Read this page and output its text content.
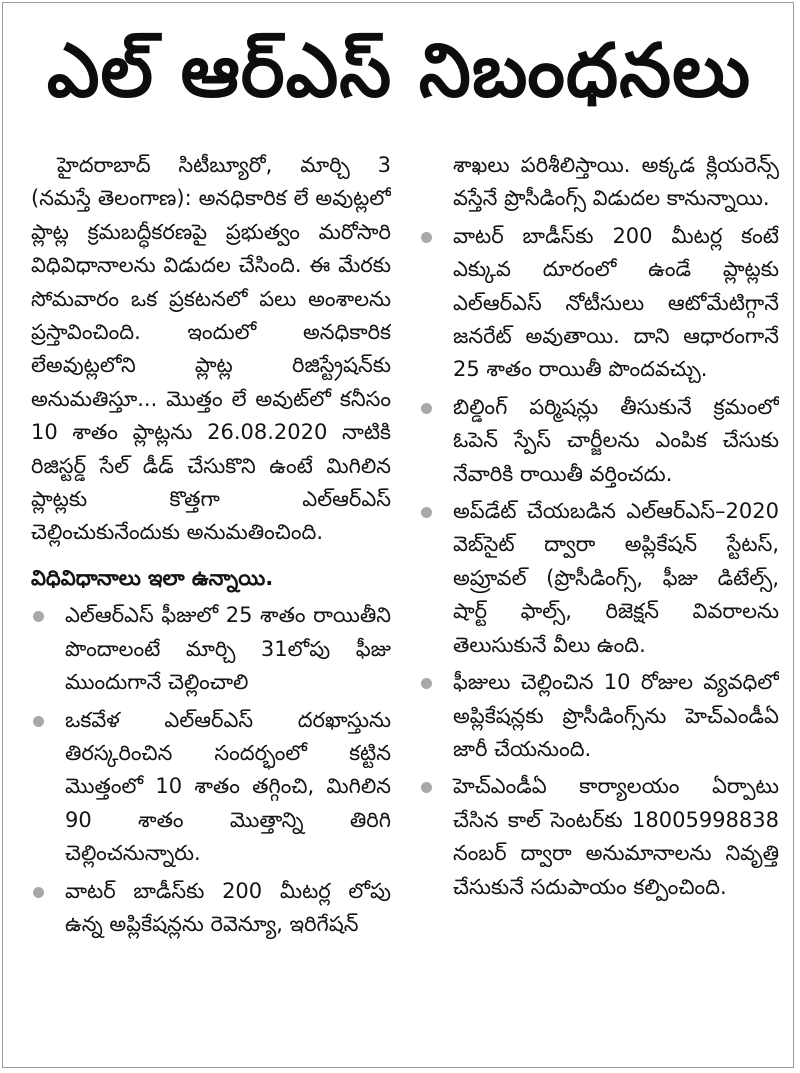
ఎల్ ఆర్ఎస్ నిబంధనలు

హైదరాబాద్ సిటీబ్యూరో, మార్చి 3 (నమస్తే తెలంగాణ): అనధికారిక లే అవుట్లలో ప్లాట్ల క్రమబద్ధీకరణపై ప్రభుత్వం మరోసారి విధివిధానాలను విడుదల చేసింది. ఈ మేరకు సోమవారం ఒక ప్రకటనలో పలు అంశాలను ప్రస్తావించింది. ఇందులో అనధికారిక లేఅవుట్లలోని ప్లాట్ల రిజిస్ట్రేషన్‌కు అనుమతిస్తూ... మొత్తం లే అవుట్‌లో కనీసం 10 శాతం ప్లాట్లను 26.08.2020 నాటికి రిజిస్టర్డ్ సేల్ డీడ్ చేసుకొని ఉంటే మిగిలిన ప్లాట్లకు కొత్తగా ఎల్ఆర్ఎస్ చెల్లించుకునేందుకు అనుమతించింది.

విధివిధానాలు ఇలా ఉన్నాయి.
ఎల్ఆర్ఎస్ ఫీజులో 25 శాతం రాయితీని పొందాలంటే మార్చి 31లోపు ఫీజు ముందుగానే చెల్లించాలి
ఒకవేళ ఎల్ఆర్ఎస్ దరఖాస్తును తిరస్కరించిన సందర్భంలో కట్టిన మొత్తంలో 10 శాతం తగ్గించి, మిగిలిన 90 శాతం మొత్తాన్ని తిరిగి చెల్లించనున్నారు.
వాటర్ బాడీస్‌కు 200 మీటర్ల లోపు ఉన్న అప్లికేషన్లను రెవెన్యూ, ఇరిగేషన్
శాఖలు పరిశీలిస్తాయి. అక్కడ క్లియరెన్స్ వస్తేనే ప్రొసీడింగ్స్ విడుదల కానున్నాయి.
వాటర్ బాడీస్‌కు 200 మీటర్ల కంటే ఎక్కువ దూరంలో ఉండే ప్లాట్లకు ఎల్ఆర్ఎస్ నోటీసులు ఆటోమేటిగ్గానే జనరేట్ అవుతాయి. దాని ఆధారంగానే 25 శాతం రాయితీ పొందవచ్చు.
బిల్డింగ్ పర్మిషన్లు తీసుకునే క్రమంలో ఓపెన్ స్పేస్ చార్జీలను ఎంపిక చేసుకు నేవారికి రాయితీ వర్తించదు.
అప్‌డేట్ చేయబడిన ఎల్ఆర్ఎస్–2020 వెబ్‌సైట్ ద్వారా అప్లికేషన్ స్టేటస్, అప్రూవల్ (ప్రొసీడింగ్స్, ఫీజు డిటేల్స్, షార్ట్ ఫాల్స్, రిజెక్షన్ వివరాలను తెలుసుకునే వీలు ఉంది.
ఫీజులు చెల్లించిన 10 రోజుల వ్యవధిలో అప్లికేషన్లకు ప్రొసీడింగ్స్‌ను హెచ్ఎండీఏ జారీ చేయనుంది.
హెచ్ఎండీఏ కార్యాలయం ఏర్పాటు చేసిన కాల్ సెంటర్‌కు 18005998838 నంబర్ ద్వారా అనుమానాలను నివృత్తి చేసుకునే సదుపాయం కల్పించింది.
